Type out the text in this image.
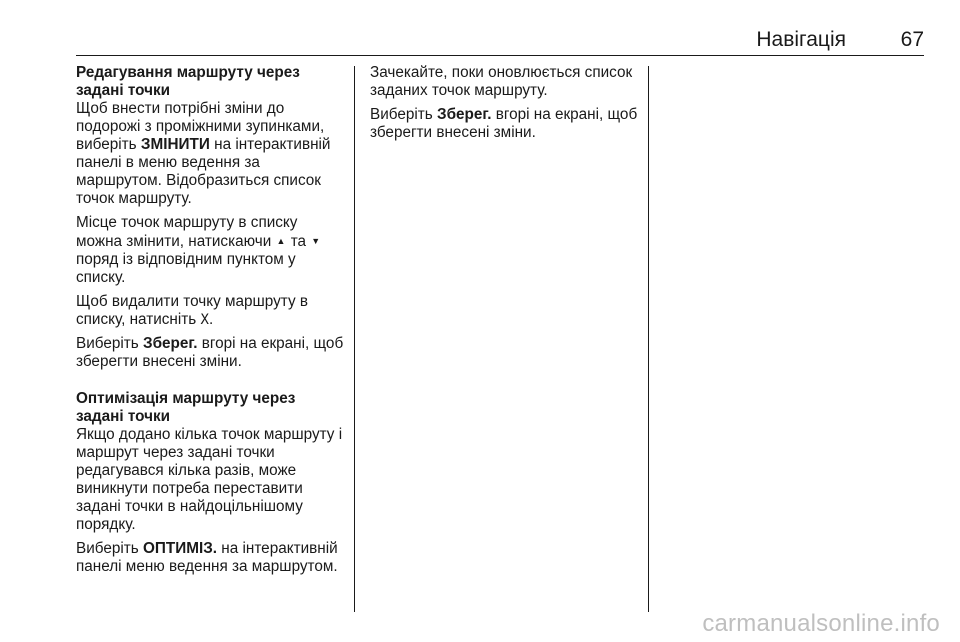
Навігація	67

Редагування маршруту через задані точки

Щоб внести потрібні зміни до подорожі з проміжними зупинками, виберіть ЗМІНИТИ на інтерактивній панелі в меню ведення за маршрутом. Відобразиться список точок маршруту.

Місце точок маршруту в списку можна змінити, натискаючи ▲ та ▼ поряд із відповідним пунктом у списку.

Щоб видалити точку маршруту в списку, натисніть X.

Виберіть Зберег. вгорі на екрані, щоб зберегти внесені зміни.

Оптимізація маршруту через задані точки

Якщо додано кілька точок маршруту і маршрут через задані точки редагувався кілька разів, може виникнути потреба переставити задані точки в найдоцільнішому порядку.

Виберіть ОПТИМІЗ. на інтерактивній панелі меню ведення за маршрутом.

Зачекайте, поки оновлюється список заданих точок маршруту.

Виберіть Зберег. вгорі на екрані, щоб зберегти внесені зміни.

carmanualsonline.info
